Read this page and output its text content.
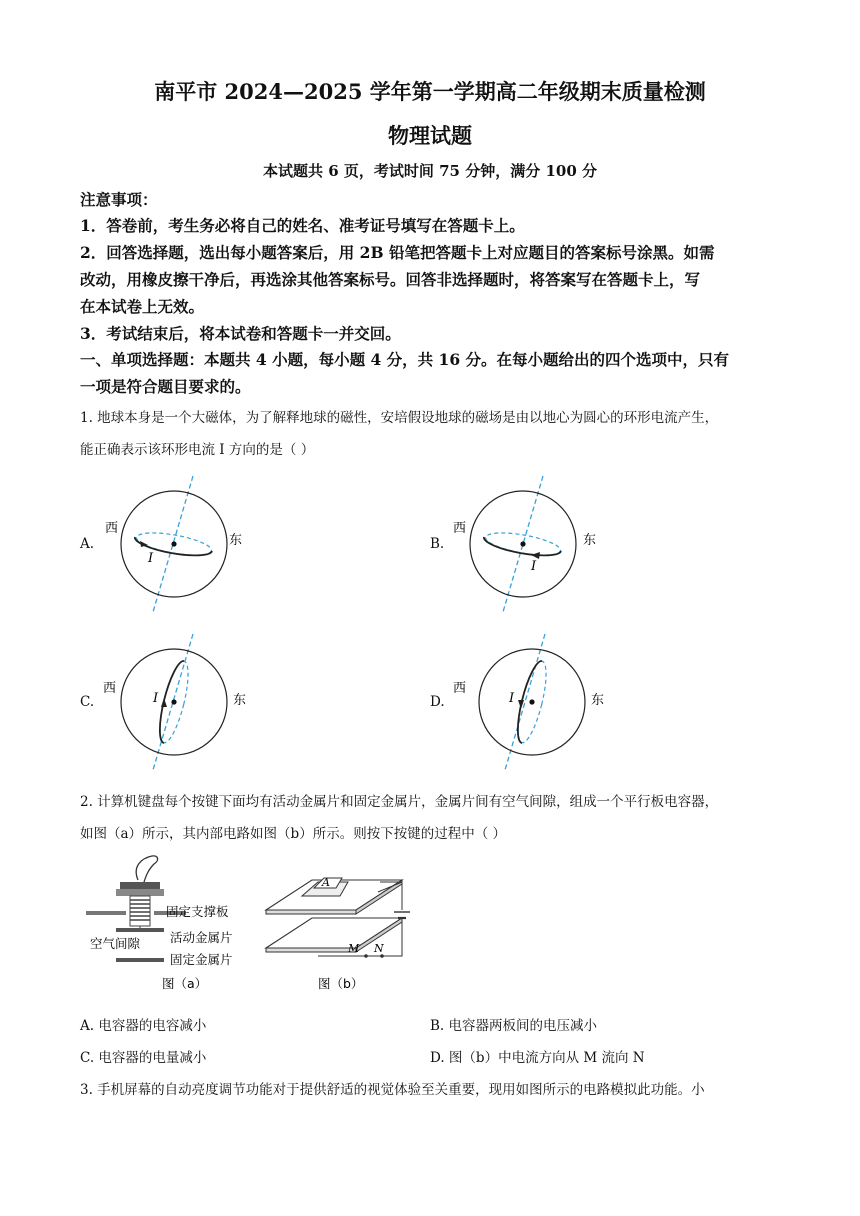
南平市 2024—2025 学年第一学期高二年级期末质量检测
物理试题
本试题共 6 页，考试时间 75 分钟，满分 100 分
注意事项：
1．答卷前，考生务必将自己的姓名、准考证号填写在答题卡上。
2．回答选择题，选出每小题答案后，用 2B 铅笔把答题卡上对应题目的答案标号涂黑。如需
改动，用橡皮擦干净后，再选涂其他答案标号。回答非选择题时，将答案写在答题卡上，写
在本试卷上无效。
3．考试结束后，将本试卷和答题卡一并交回。
一、单项选择题：本题共 4 小题，每小题 4 分，共 16 分。在每小题给出的四个选项中，只有
一项是符合题目要求的。
1. 地球本身是一个大磁体，为了解释地球的磁性，安培假设地球的磁场是由以地心为圆心的环形电流产生，
能正确表示该环形电流 I 方向的是（ ）
A.
西
东
I
B.
西
东
I
C.
西
东
I	D.
西
东
I
2. 计算机键盘每个按键下面均有活动金属片和固定金属片，金属片间有空气间隙，组成一个平行板电容器，
如图（a）所示，其内部电路如图（b）所示。则按下按键的过程中（ ）
固定支撑板
空气间隙 活动金属片
固定金属片
图（a）
A
M N
图（b）
A. 电容器的电容减小	B. 电容器两板间的电压减小
C. 电容器的电量减小	D. 图（b）中电流方向从 M 流向 N
3. 手机屏幕的自动亮度调节功能对于提供舒适的视觉体验至关重要，现用如图所示的电路模拟此功能。小
